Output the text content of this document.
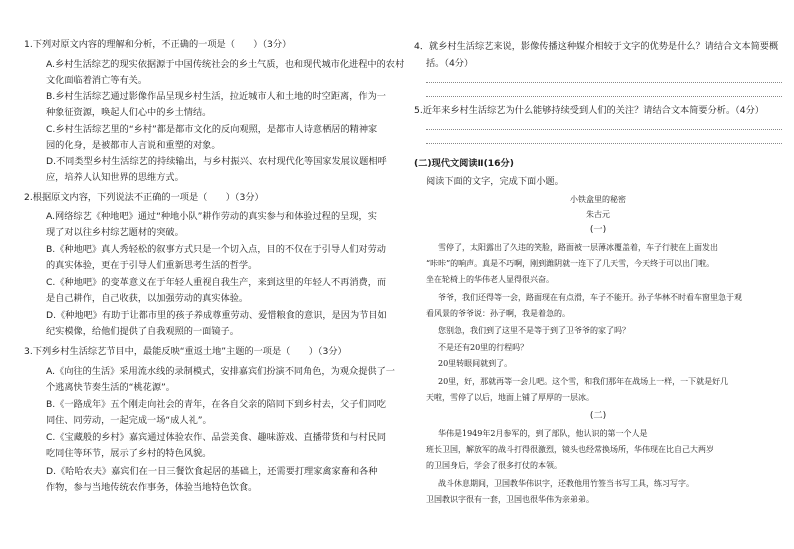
1.下列对原文内容的理解和分析，不正确的一项是（　　）（3分）
A.乡村生活综艺的现实依据源于中国传统社会的乡土气质，也和现代城市化进程中的农村
文化面临着消亡等有关。
B.乡村生活综艺通过影像作品呈现乡村生活，拉近城市人和土地的时空距离，作为一
种象征资源，唤起人们心中的乡土情结。
C.乡村生活综艺里的“乡村”都是都市文化的反向观照，是都市人诗意栖居的精神家
园的化身，是被都市人言说和重塑的对象。
D.不同类型乡村生活综艺的持续输出，与乡村振兴、农村现代化等国家发展议题相呼
应，培养人认知世界的思维方式。
2.根据原文内容，下列说法不正确的一项是（　　）（3分）
A.网络综艺《种地吧》通过“种地小队”耕作劳动的真实参与和体验过程的呈现，实
现了对以往乡村综艺题材的突破。
B.《种地吧》真人秀轻松的叙事方式只是一个切入点，目的不仅在于引导人们对劳动
的真实体验，更在于引导人们重新思考生活的哲学。
C.《种地吧》的变革意义在于年轻人重视自我生产，来到这里的年轻人不再消费，而
是自己耕作，自己收获，以加强劳动的真实体验。
D.《种地吧》有助于让都市里的孩子养成尊重劳动、爱惜粮食的意识，是因为节目如
纪实模像，给他们提供了自我观照的一面镜子。
3.下列乡村生活综艺节目中，最能反映“重返土地”主题的一项是（　　）（3分）
A.《向往的生活》采用流水线的录制模式，安排嘉宾们扮演不同角色，为观众提供了一
个逃离快节奏生活的“桃花源”。
B.《一路成年》五个刚走向社会的青年，在各自父亲的陪同下到乡村去，父子们同吃
同住、同劳动，一起完成一场“成人礼”。
C.《宝藏般的乡村》嘉宾通过体验农作、品尝美食、趣味游戏、直播带货和与村民同
吃同住等环节，展示了乡村的特色风貌。
D.《哈哈农夫》嘉宾们在一日三餐饮食起居的基础上，还需要打理家禽家畜和各种
作物，参与当地传统农作事务，体验当地特色饮食。
4．就乡村生活综艺来说，影像传播这种媒介相较于文字的优势是什么？请结合文本简要概
括。（4分）
5.近年来乡村生活综艺为什么能够持续受到人们的关注？请结合文本简要分析。（4分）
(二)现代文阅读Ⅱ(16分)
阅读下面的文字，完成下面小题。
小铁盒里的秘密
朱古元
(一)
雪停了，太阳露出了久违的笑脸，路面被一层薄冰覆盖着，车子行驶在上面发出
“咔咔”的响声。真是不巧啊，刚到潍阴就一连下了几天雪，今天终于可以出门啦。
坐在轮椅上的华伟老人显得很兴奋。
爷爷，我们还得等一会，路面现在有点滑，车子不能开。孙子华林不时看车窗里急于观
看风景的爷爷说：孙子啊，我是着急的。
您别急，我们到了这里不是等于到了卫爷爷的家了吗？
不是还有20里的行程吗？
20里转眼间就到了。
20里，好，那就再等一会儿吧。这个雪，和我们那年在战场上一样，一下就是好几
天啦，雪停了以后，地面上铺了厚厚的一层冰。
(二)
华伟是1949年2月参军的，到了部队，他认识的第一个人是
班长卫国，解放军的战斗打得很激烈，镜头也经常换场所，华伟现在比自己大两岁
的卫国身后，学会了很多打仗的本领。
战斗休息期间，卫国教华伟识字，还教他用竹签当书写工具，练习写字。
卫国教识字很有一套，卫国也很华伟为亲弟弟。
